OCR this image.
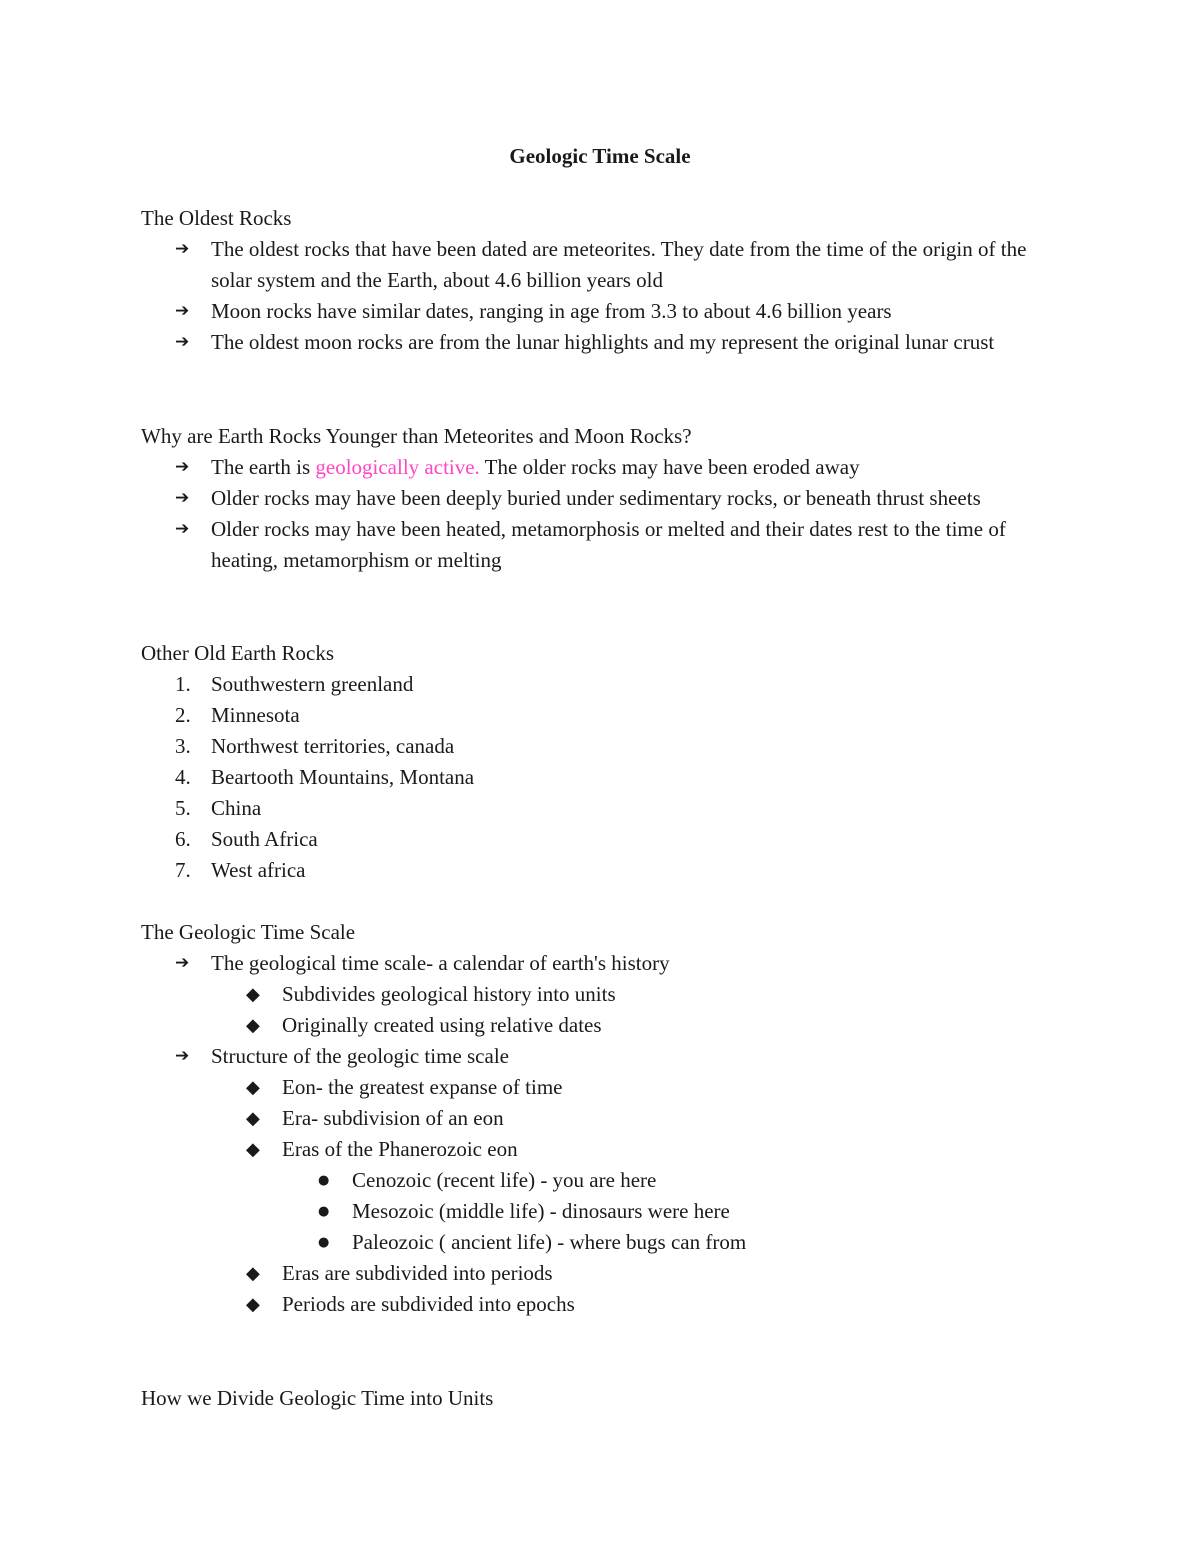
Geologic Time Scale
The Oldest Rocks
➔	The oldest rocks that have been dated are meteorites. They date from the time of the origin of the solar system and the Earth, about 4.6 billion years old
➔	Moon rocks have similar dates, ranging in age from 3.3 to about 4.6 billion years
➔	The oldest moon rocks are from the lunar highlights and my represent the original lunar crust
Why are Earth Rocks Younger than Meteorites and Moon Rocks?
➔	The earth is geologically active. The older rocks may have been eroded away
➔	Older rocks may have been deeply buried under sedimentary rocks, or beneath thrust sheets
➔	Older rocks may have been heated, metamorphosis or melted and their dates rest to the time of heating, metamorphism or melting
Other Old Earth Rocks
1. Southwestern greenland
2. Minnesota
3. Northwest territories, canada
4. Beartooth Mountains, Montana
5. China
6. South Africa
7. West africa
The Geologic Time Scale
➔	The geological time scale- a calendar of earth's history
◆	Subdivides geological history into units
◆	Originally created using relative dates
➔	Structure of the geologic time scale
◆	Eon- the greatest expanse of time
◆	Era- subdivision of an eon
◆	Eras of the Phanerozoic eon
●	Cenozoic (recent life) - you are here
●	Mesozoic (middle life) - dinosaurs were here
●	Paleozoic ( ancient life) - where bugs can from
◆	Eras are subdivided into periods
◆	Periods are subdivided into epochs
How we Divide Geologic Time into Units
